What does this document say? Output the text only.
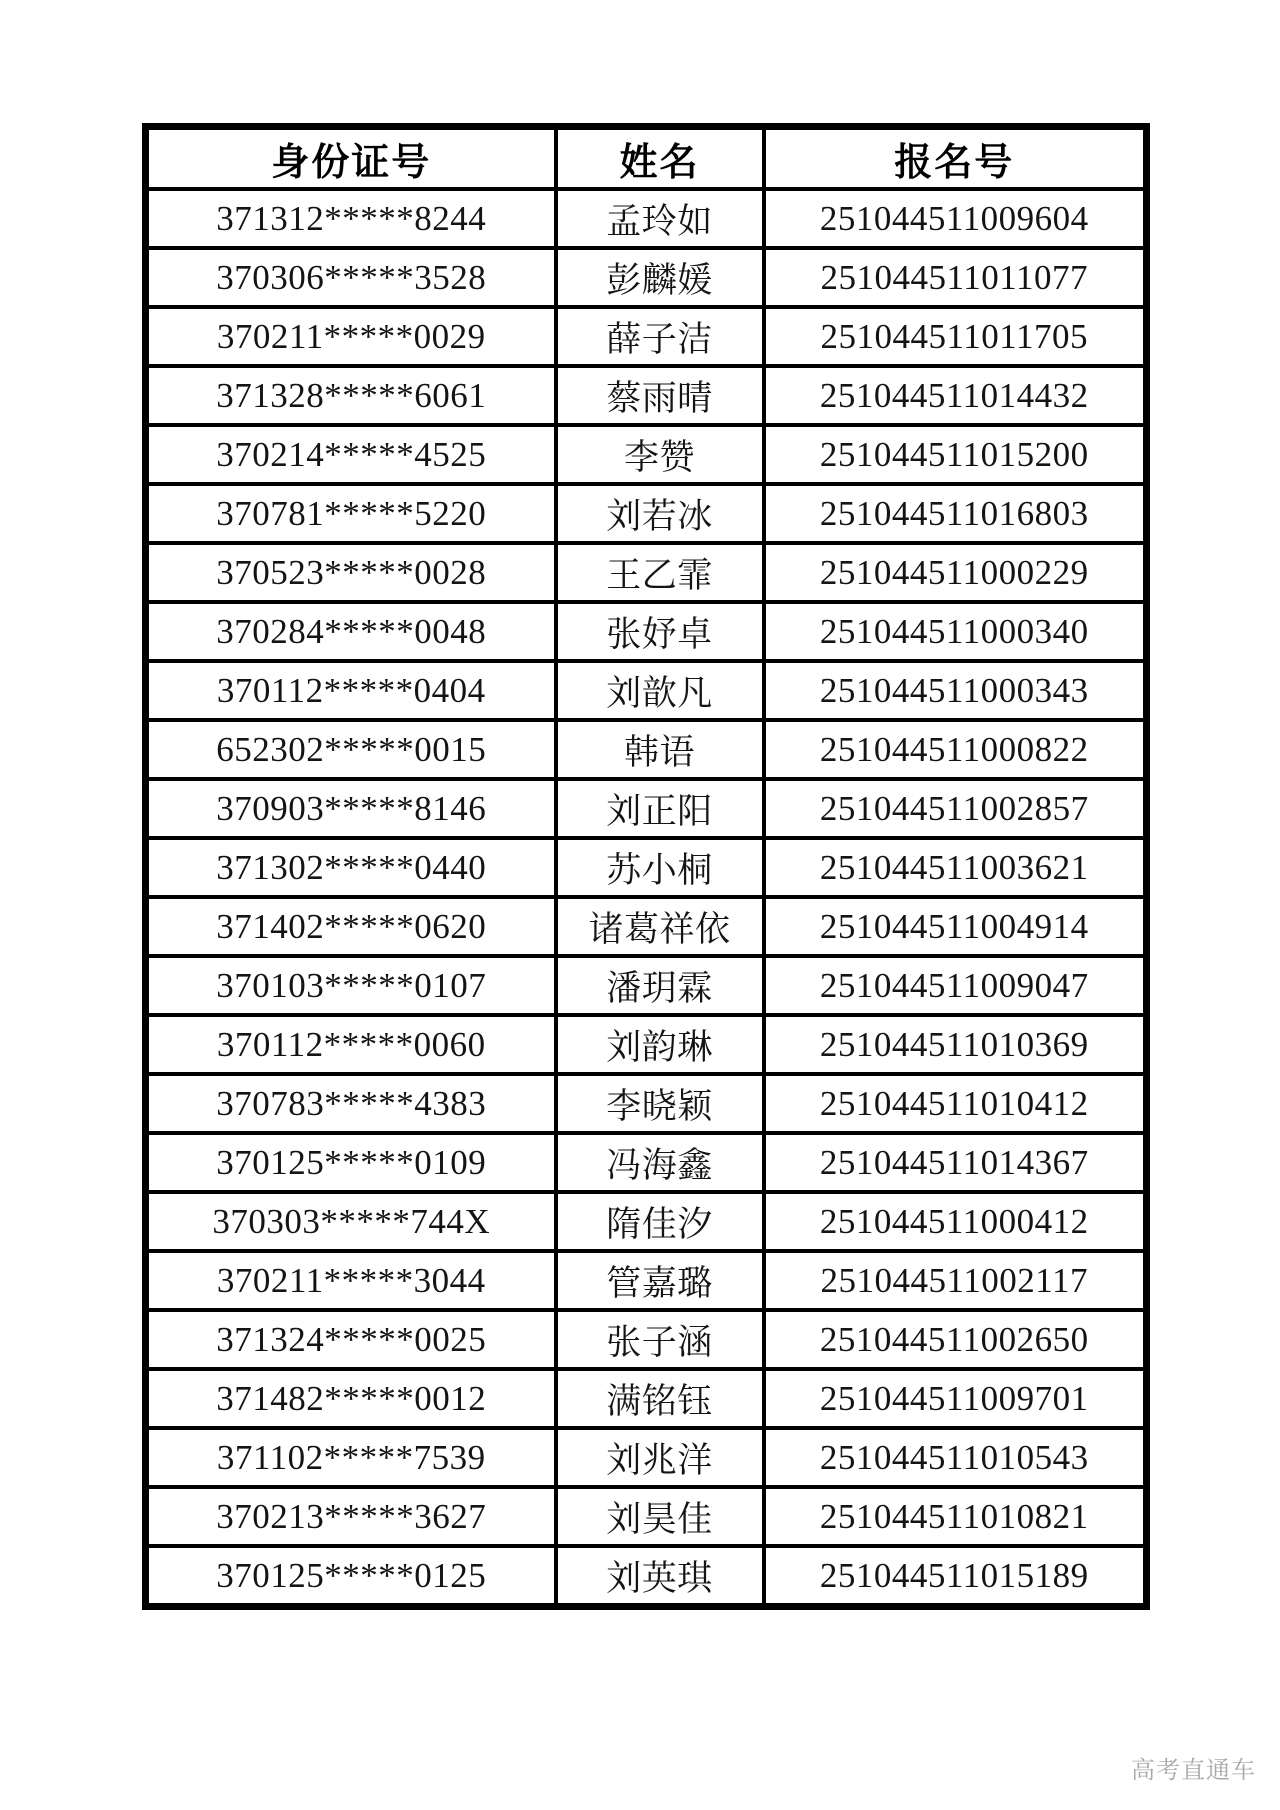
身份证号	姓名	报名号
371312*****8244	孟玲如	251044511009604
370306*****3528	彭麟媛	251044511011077
370211*****0029	薛子洁	251044511011705
371328*****6061	蔡雨晴	251044511014432
370214*****4525	李赞	251044511015200
370781*****5220	刘若冰	251044511016803
370523*****0028	王乙霏	251044511000229
370284*****0048	张妤卓	251044511000340
370112*****0404	刘歆凡	251044511000343
652302*****0015	韩语	251044511000822
370903*****8146	刘正阳	251044511002857
371302*****0440	苏小桐	251044511003621
371402*****0620	诸葛祥依	251044511004914
370103*****0107	潘玥霖	251044511009047
370112*****0060	刘韵琳	251044511010369
370783*****4383	李晓颖	251044511010412
370125*****0109	冯海鑫	251044511014367
370303*****744X	隋佳汐	251044511000412
370211*****3044	管嘉璐	251044511002117
371324*****0025	张子涵	251044511002650
371482*****0012	满铭钰	251044511009701
371102*****7539	刘兆洋	251044511010543
370213*****3627	刘昊佳	251044511010821
370125*****0125	刘英琪	251044511015189
高考直通车
